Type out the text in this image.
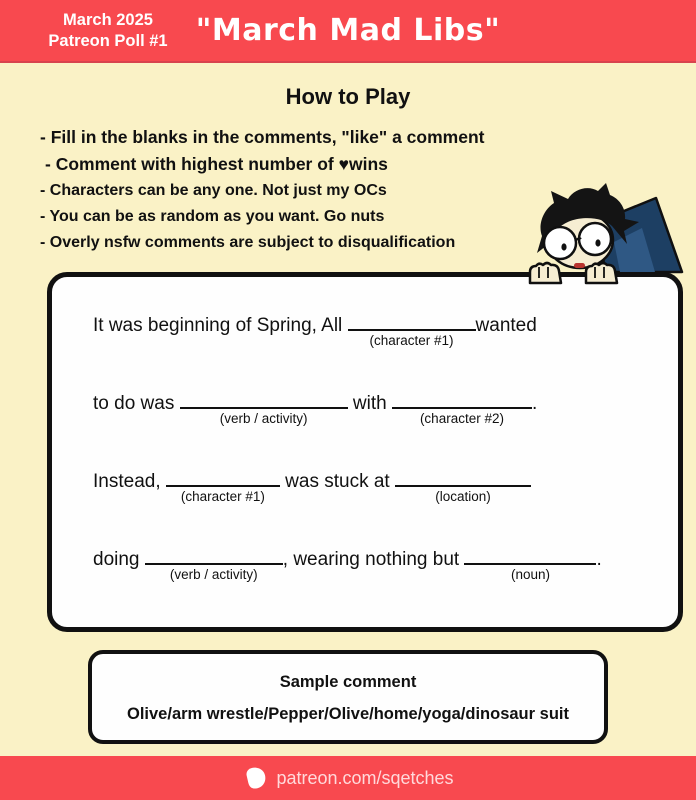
March 2025
Patreon Poll #1 "March Mad Libs"
How to Play
- Fill in the blanks in the comments, "like" a comment
- Comment with highest number of ♥wins
- Characters can be any one. Not just my OCs
- You can be as random as you want. Go nuts
- Overly nsfw comments are subject to disqualification
It was beginning of Spring, All
(character #1)
wanted
to do was
(verb / activity)
with
(character #2)
.
Instead,
(character #1)
was stuck at
(location)
doing
(verb / activity)
, wearing nothing but
(noun)
.
Sample comment
Olive/arm wrestle/Pepper/Olive/home/yoga/dinosaur suit
patreon.com/sqetches
